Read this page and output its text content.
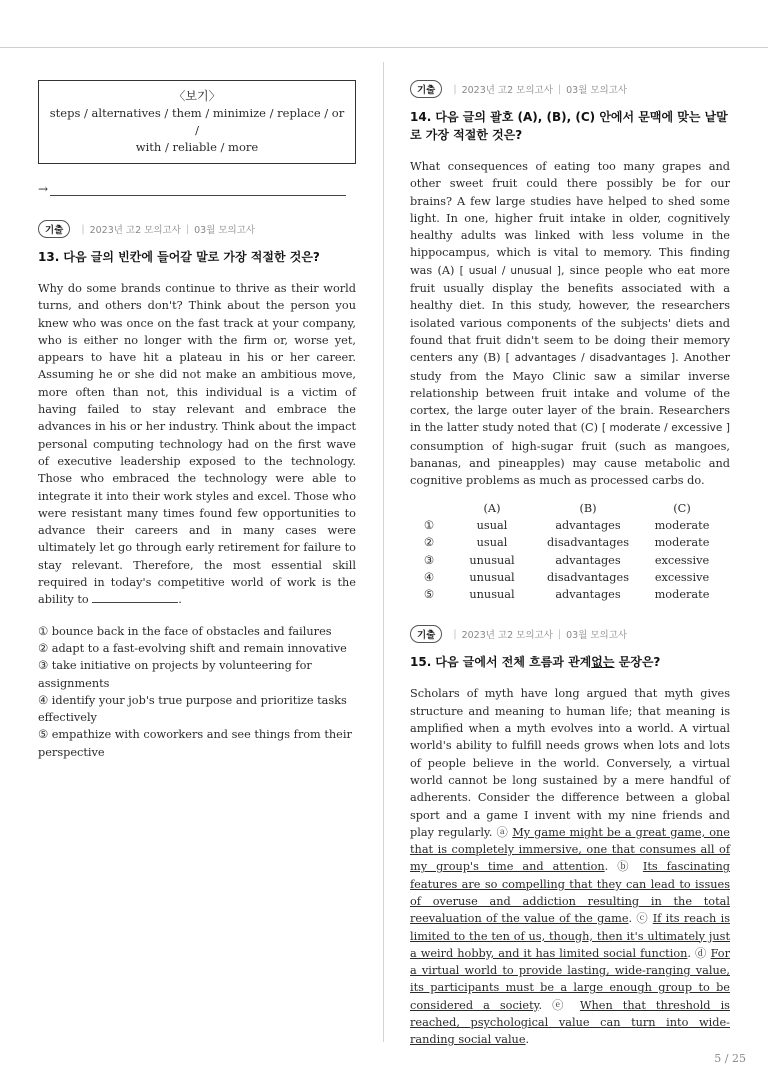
〈보기〉
steps / alternatives / them / minimize / replace / or /
with / reliable / more
→
기출	| 2023년 고2 모의고사 | 03월 모의고사
13. 다음 글의 빈칸에 들어갈 말로 가장 적절한 것은?
Why do some brands continue to thrive as their world turns, and others don't? Think about the person you knew who was once on the fast track at your company, who is either no longer with the firm or, worse yet, appears to have hit a plateau in his or her career. Assuming he or she did not make an ambitious move, more often than not, this individual is a victim of having failed to stay relevant and embrace the advances in his or her industry. Think about the impact personal computing technology had on the first wave of executive leadership exposed to the technology. Those who embraced the technology were able to integrate it into their work styles and excel. Those who were resistant many times found few opportunities to advance their careers and in many cases were ultimately let go through early retirement for failure to stay relevant. Therefore, the most essential skill required in today's competitive world of work is the ability to	.
① bounce back in the face of obstacles and failures
② adapt to a fast-evolving shift and remain innovative
③ take initiative on projects by volunteering for assignments
④ identify your job's true purpose and prioritize tasks effectively
⑤ empathize with coworkers and see things from their perspective
기출	| 2023년 고2 모의고사 | 03월 모의고사
14. 다음 글의 괄호 (A), (B), (C) 안에서 문맥에 맞는 낱말로 가장 적절한 것은?
What consequences of eating too many grapes and other sweet fruit could there possibly be for our brains? A few large studies have helped to shed some light. In one, higher fruit intake in older, cognitively healthy adults was linked with less volume in the hippocampus, which is vital to memory. This finding was (A) [ usual / unusual ], since people who eat more fruit usually display the benefits associated with a healthy diet. In this study, however, the researchers isolated various components of the subjects' diets and found that fruit didn't seem to be doing their memory centers any (B) [ advantages / disadvantages ]. Another study from the Mayo Clinic saw a similar inverse relationship between fruit intake and volume of the cortex, the large outer layer of the brain. Researchers in the latter study noted that (C) [ moderate / excessive ] consumption of high-sugar fruit (such as mangoes, bananas, and pineapples) may cause metabolic and cognitive problems as much as processed carbs do.
	(A)	(B)	(C)
①	usual	advantages	moderate
②	usual	disadvantages	moderate
③	unusual	advantages	excessive
④	unusual	disadvantages	excessive
⑤	unusual	advantages	moderate
기출	| 2023년 고2 모의고사 | 03월 모의고사
15. 다음 글에서 전체 흐름과 관계없는 문장은?
Scholars of myth have long argued that myth gives structure and meaning to human life; that meaning is amplified when a myth evolves into a world. A virtual world's ability to fulfill needs grows when lots and lots of people believe in the world. Conversely, a virtual world cannot be long sustained by a mere handful of adherents. Consider the difference between a global sport and a game I invent with my nine friends and play regularly. ⓐ My game might be a great game, one that is completely immersive, one that consumes all of my group's time and attention. ⓑ Its fascinating features are so compelling that they can lead to issues of overuse and addiction resulting in the total reevaluation of the value of the game. ⓒ If its reach is limited to the ten of us, though, then it's ultimately just a weird hobby, and it has limited social function. ⓓ For a virtual world to provide lasting, wide-ranging value, its participants must be a large enough group to be considered a society. ⓔ When that threshold is reached, psychological value can turn into wide-randing social value.
5 / 25
